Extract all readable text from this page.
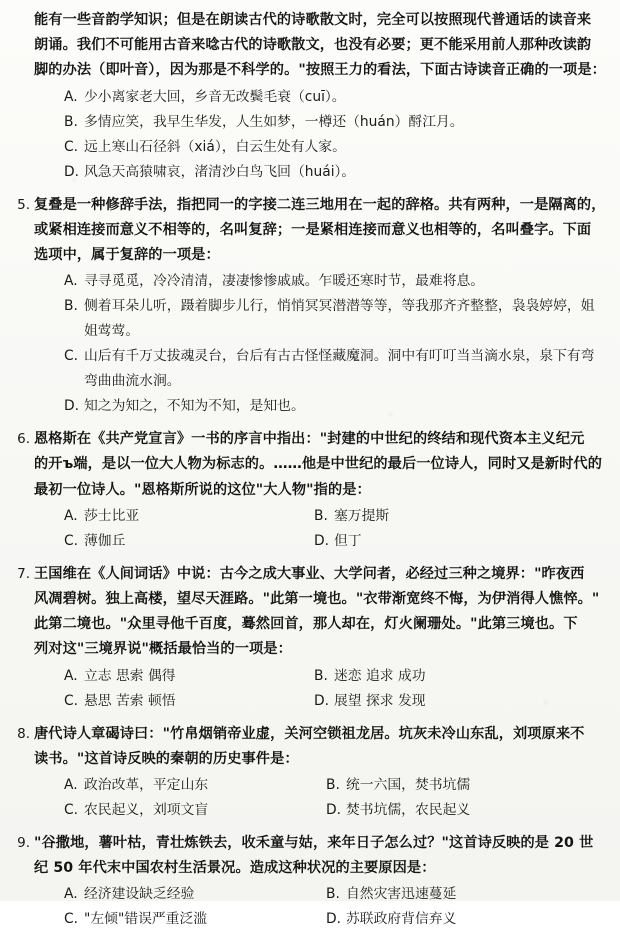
能有一些音韵学知识；但是在朗读古代的诗歌散文时，完全可以按照现代普通话的读音来
朗诵。我们不可能用古音来唸古代的诗歌散文，也没有必要；更不能采用前人那种改读韵
脚的办法（即叶音），因为那是不科学的。"按照王力的看法，下面古诗读音正确的一项是：
A. 少小离家老大回，乡音无改鬓毛衰（cuī）。
B. 多情应笑，我早生华发，人生如梦，一樽还（huán）酹江月。
C. 远上寒山石径斜（xiá），白云生处有人家。
D. 风急天高猿啸哀，渚清沙白鸟飞回（huái）。
5. 复叠是一种修辞手法，指把同一的字接二连三地用在一起的辞格。共有两种，一是隔离的，
或紧相连接而意义不相等的，名叫复辞；一是紧相连接而意义也相等的，名叫叠字。下面
选项中，属于复辞的一项是：
A. 寻寻觅觅，冷冷清清，凄凄惨惨戚戚。乍暖还寒时节，最难将息。
B. 侧着耳朵儿听，蹑着脚步儿行，悄悄冥冥潜潜等等，等我那齐齐整整，袅袅婷婷，姐
姐莺莺。
C. 山后有千万丈拔魂灵台，台后有古古怪怪藏魔洞。洞中有叮叮当当滴水泉，泉下有弯
弯曲曲流水涧。
D. 知之为知之，不知为不知，是知也。
6. 恩格斯在《共产党宣言》一书的序言中指出："封建的中世纪的终结和现代资本主义纪元
的开ъ端，是以一位大人物为标志的。……他是中世纪的最后一位诗人，同时又是新时代的
最初一位诗人。"恩格斯所说的这位"大人物"指的是：
A. 莎士比亚	B. 塞万提斯
C. 薄伽丘	D. 但丁
7. 王国维在《人间词话》中说：古今之成大事业、大学问者，必经过三种之境界："昨夜西
风凋碧树。独上高楼，望尽天涯路。"此第一境也。"衣带渐宽终不悔，为伊消得人憔悴。"
此第二境也。"众里寻他千百度，蓦然回首，那人却在，灯火阑珊处。"此第三境也。下
列对这"三境界说"概括最恰当的一项是：
A. 立志 思索 偶得	B. 迷恋 追求 成功
C. 悬思 苦索 顿悟	D. 展望 探求 发现
8. 唐代诗人章碣诗曰："竹帛烟销帝业虚，关河空锁祖龙居。坑灰未冷山东乱，刘项原来不
读书。"这首诗反映的秦朝的历史事件是：
A. 政治改革，平定山东	B. 统一六国，焚书坑儒
C. 农民起义，刘项文盲	D. 焚书坑儒，农民起义
9. "谷撒地，薯叶枯，青壮炼铁去，收禾童与姑，来年日子怎么过？"这首诗反映的是 20 世
纪 50 年代末中国农村生活景况。造成这种状况的主要原因是：
A. 经济建设缺乏经验	B. 自然灾害迅速蔓延
C. "左倾"错误严重泛滥	D. 苏联政府背信弃义
